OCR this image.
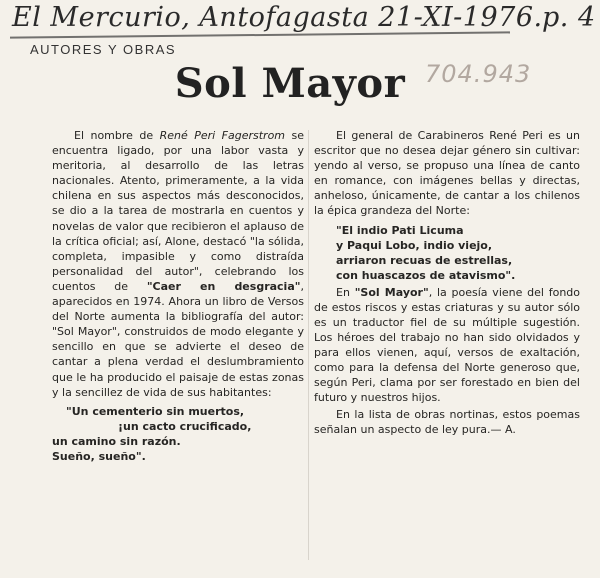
El Mercurio, Antofagasta 21-XI-1976. p. 4
AUTORES Y OBRAS
Sol Mayor 704.943

El nombre de René Peri Fagerstrom se encuentra ligado, por una labor vasta y meritoria, al desarrollo de las letras nacionales. Atento, primeramente, a la vida chilena en sus aspectos más desconocidos, se dio a la tarea de mostrarla en cuentos y novelas de valor que recibieron el aplauso de la crítica oficial; así, Alone, destacó "la sólida, completa, impasible y como distraída personalidad del autor", celebrando los cuentos de "Caer en desgracia", aparecidos en 1974. Ahora un libro de Versos del Norte aumenta la bibliografía del autor: "Sol Mayor", construidos de modo elegante y sencillo en que se advierte el deseo de cantar a plena verdad el deslumbramiento que le ha producido el paisaje de estas zonas y la sencillez de vida de sus habitantes:

"Un cementerio sin muertos,
¡un cacto crucificado,
un camino sin razón.
Sueño, sueño".

El general de Carabineros René Peri es un escritor que no desea dejar género sin cultivar: yendo al verso, se propuso una línea de canto en romance, con imágenes bellas y directas, anheloso, únicamente, de cantar a los chilenos la épica grandeza del Norte:

"El indio Pati Licuma
y Paqui Lobo, indio viejo,
arriaron recuas de estrellas,
con huascazos de atavismo".

En "Sol Mayor", la poesía viene del fondo de estos riscos y estas criaturas y su autor sólo es un traductor fiel de su múltiple sugestión. Los héroes del trabajo no han sido olvidados y para ellos vienen, aquí, versos de exaltación, como para la defensa del Norte generoso que, según Peri, clama por ser forestado en bien del futuro y nuestros hijos.

En la lista de obras nortinas, estos poemas señalan un aspecto de ley pura.— A.
